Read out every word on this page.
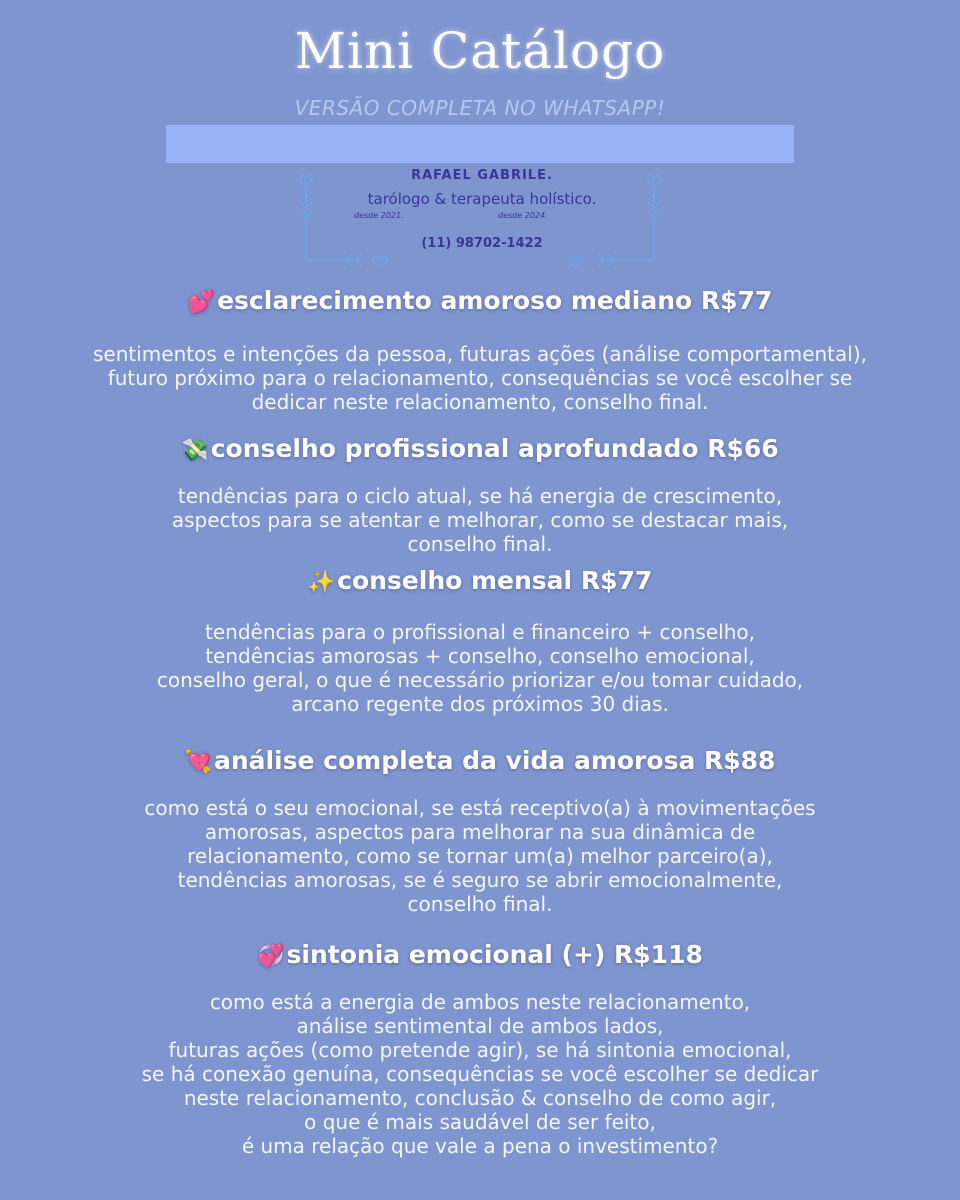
Mini Catálogo
VERSÃO COMPLETA NO WHATSAPP!
RAFAEL GABRILE.
tarólogo & terapeuta holístico.
desde 2021.	desde 2024.
(11) 98702-1422
💕esclarecimento amoroso mediano R$77
sentimentos e intenções da pessoa, futuras ações (análise comportamental),
futuro próximo para o relacionamento, consequências se você escolher se
dedicar neste relacionamento, conselho final.
💸conselho profissional aprofundado R$66
tendências para o ciclo atual, se há energia de crescimento,
aspectos para se atentar e melhorar, como se destacar mais,
conselho final.
✨conselho mensal R$77
tendências para o profissional e financeiro + conselho,
tendências amorosas + conselho, conselho emocional,
conselho geral, o que é necessário priorizar e/ou tomar cuidado,
arcano regente dos próximos 30 dias.
💘análise completa da vida amorosa R$88
como está o seu emocional, se está receptivo(a) à movimentações
amorosas, aspectos para melhorar na sua dinâmica de
relacionamento, como se tornar um(a) melhor parceiro(a),
tendências amorosas, se é seguro se abrir emocionalmente,
conselho final.
💞sintonia emocional (+) R$118
como está a energia de ambos neste relacionamento,
análise sentimental de ambos lados,
futuras ações (como pretende agir), se há sintonia emocional,
se há conexão genuína, consequências se você escolher se dedicar
neste relacionamento, conclusão & conselho de como agir,
o que é mais saudável de ser feito,
é uma relação que vale a pena o investimento?
